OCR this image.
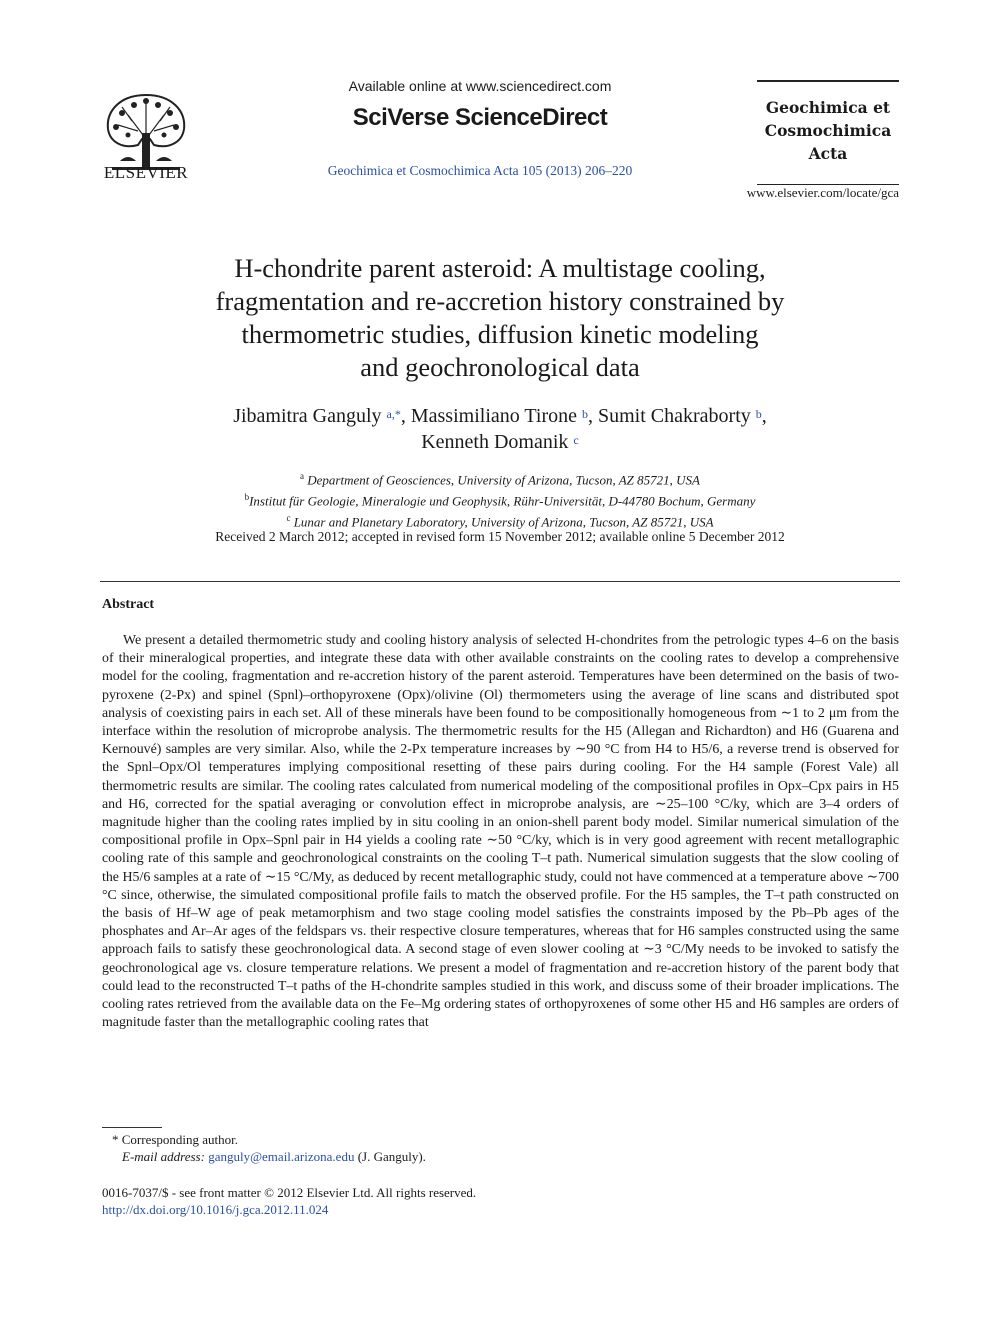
ELSEVIER
Available online at www.sciencedirect.com
SciVerse ScienceDirect
Geochimica et Cosmochimica Acta 105 (2013) 206–220
Geochimica et
Cosmochimica
Acta
www.elsevier.com/locate/gca
H-chondrite parent asteroid: A multistage cooling,
fragmentation and re-accretion history constrained by
thermometric studies, diffusion kinetic modeling
and geochronological data
Jibamitra Ganguly $^{a,*}$, Massimiliano Tirone $^b$, Sumit Chakraborty $^b$,
Kenneth Domanik $^c$
$^a$ Department of Geosciences, University of Arizona, Tucson, AZ 85721, USA
$^b$Institut für Geologie, Mineralogie und Geophysik, Rühr-Universität, D-44780 Bochum, Germany
$^c$ Lunar and Planetary Laboratory, University of Arizona, Tucson, AZ 85721, USA
Received 2 March 2012; accepted in revised form 15 November 2012; available online 5 December 2012
Abstract
We present a detailed thermometric study and cooling history analysis of selected H-chondrites from the petrologic types 4–6 on the basis of their mineralogical properties, and integrate these data with other available constraints on the cooling rates to develop a comprehensive model for the cooling, fragmentation and re-accretion history of the parent asteroid. Temperatures have been determined on the basis of two-pyroxene (2-Px) and spinel (Spnl)–orthopyroxene (Opx)/olivine (Ol) thermometers using the average of line scans and distributed spot analysis of coexisting pairs in each set. All of these minerals have been found to be compositionally homogeneous from ∼1 to 2 μm from the interface within the resolution of microprobe analysis. The thermometric results for the H5 (Allegan and Richardton) and H6 (Guarena and Kernouvé) samples are very similar. Also, while the 2-Px temperature increases by ∼90 °C from H4 to H5/6, a reverse trend is observed for the Spnl–Opx/Ol temperatures implying compositional resetting of these pairs during cooling. For the H4 sample (Forest Vale) all thermometric results are similar. The cooling rates calculated from numerical modeling of the compositional profiles in Opx–Cpx pairs in H5 and H6, corrected for the spatial averaging or convolution effect in microprobe analysis, are ∼25–100 °C/ky, which are 3–4 orders of magnitude higher than the cooling rates implied by in situ cooling in an onion-shell parent body model. Similar numerical simulation of the compositional profile in Opx–Spnl pair in H4 yields a cooling rate ∼50 °C/ky, which is in very good agreement with recent metallographic cooling rate of this sample and geochronological constraints on the cooling T–t path. Numerical simulation suggests that the slow cooling of the H5/6 samples at a rate of ∼15 °C/My, as deduced by recent metallographic study, could not have commenced at a temperature above ∼700 °C since, otherwise, the simulated compositional profile fails to match the observed profile. For the H5 samples, the T–t path constructed on the basis of Hf–W age of peak metamorphism and two stage cooling model satisfies the constraints imposed by the Pb–Pb ages of the phosphates and Ar–Ar ages of the feldspars vs. their respective closure temperatures, whereas that for H6 samples constructed using the same approach fails to satisfy these geochronological data. A second stage of even slower cooling at ∼3 °C/My needs to be invoked to satisfy the geochronological age vs. closure temperature relations. We present a model of fragmentation and re-accretion history of the parent body that could lead to the reconstructed T–t paths of the H-chondrite samples studied in this work, and discuss some of their broader implications. The cooling rates retrieved from the available data on the Fe–Mg ordering states of orthopyroxenes of some other H5 and H6 samples are orders of magnitude faster than the metallographic cooling rates that
* Corresponding author.
E-mail address: ganguly@email.arizona.edu (J. Ganguly).
0016-7037/$ - see front matter © 2012 Elsevier Ltd. All rights reserved.
http://dx.doi.org/10.1016/j.gca.2012.11.024
